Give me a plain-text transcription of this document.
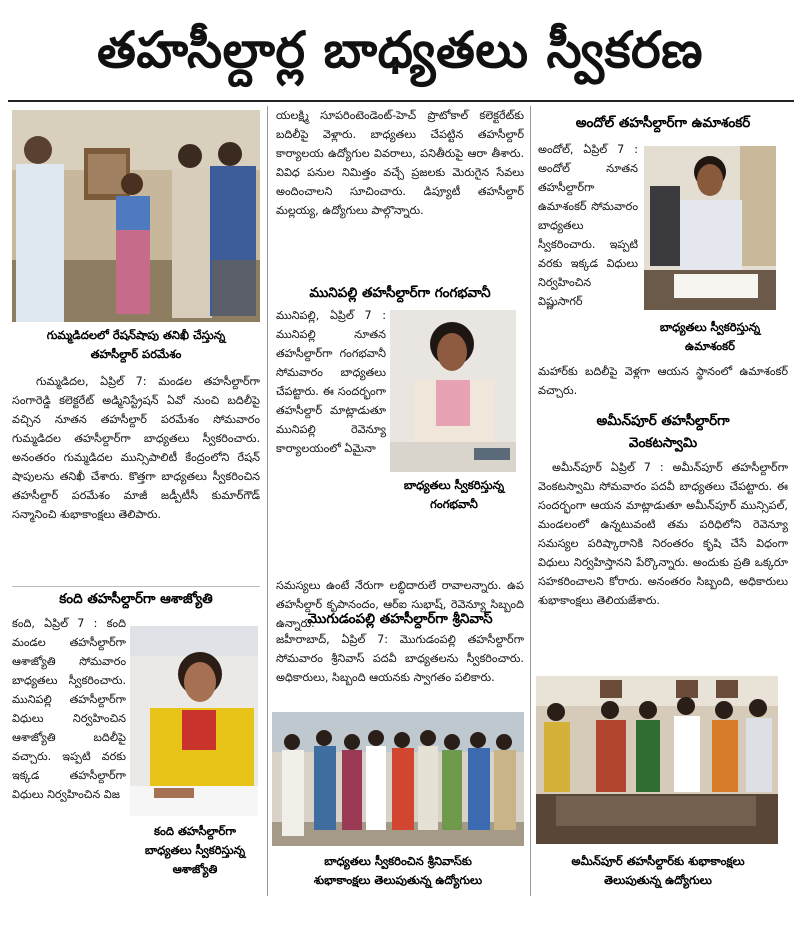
తహసీల్దార్ల బాధ్యతలు స్వీకరణ
గుమ్మడిదలలో రేషన్‌షాపు తనిఖీ చేస్తున్న
తహసీల్దార్ పరమేశం
గుమ్మడిదల, ఏప్రిల్ 7: మండల తహసీల్దార్‌గా సంగారెడ్డి కలెక్టరేట్ అడ్మినిస్ట్రేషన్ ఏవో నుంచి బదిలీపై వచ్చిన నూతన తహసీల్దార్ పరమేశం సోమవారం గుమ్మడిదల తహసీల్దార్‌గా బాధ్యతలు స్వీకరించారు. అనంతరం గుమ్మడిదల మున్సిపాలిటీ కేంద్రంలోని రేషన్ షాపులను తనిఖీ చేశారు. కొత్తగా బాధ్యతలు స్వీకరించిన తహసీల్దార్ పరమేశం మాజీ జడ్పీటీసీ కుమార్‌గౌడ్ సన్మానించి శుభాకాంక్షలు తెలిపారు.
కంది తహసీల్దార్‌గా ఆశాజ్యోతి
కంది, ఏప్రిల్ 7 : కంది మండల తహసీల్దార్‌గా ఆశాజ్యోతి సోమవారం బాధ్యతలు స్వీకరించారు. మునిపల్లి తహసీల్దార్‌గా విధులు నిర్వహించిన ఆశాజ్యోతి బదిలీపై వచ్చారు. ఇప్పటి వరకు ఇక్కడ తహసీల్దార్‌గా విధులు నిర్వహించిన విజ
కంది తహసీల్దార్‌గా
బాధ్యతలు స్వీకరిస్తున్న
ఆశాజ్యోతి
యలక్ష్మి సూపరింటెండెంట్-హెచ్ ప్రొటోకాల్ కలెక్టరేట్‌కు బదిలీపై వెళ్లారు. బాధ్యతలు చేపట్టిన తహసీల్దార్ కార్యాలయ ఉద్యోగుల వివరాలు, పనితీరుపై ఆరా తీశారు. వివిధ పనుల నిమిత్తం వచ్చే ప్రజలకు మెరుగైన సేవలు అందించాలని సూచించారు. డిప్యూటీ తహసీల్దార్ మల్లయ్య, ఉద్యోగులు పాల్గొన్నారు.
మునిపల్లి తహసీల్దార్‌గా గంగభవానీ
మునిపల్లి, ఏప్రిల్ 7 : మునిపల్లి నూతన తహసీల్దార్‌గా గంగభవానీ సోమవారం బాధ్యతలు చేపట్టారు. ఈ సందర్భంగా తహసీల్దార్ మాట్లాడుతూ మునిపల్లి రెవెన్యూ కార్యాలయంలో ఏమైనా
బాధ్యతలు స్వీకరిస్తున్న
గంగభవానీ
సమస్యలు ఉంటే నేరుగా లబ్ధిదారులే రావాలన్నారు. ఉప తహసీల్దార్ కృపానందం, ఆర్ఐ సుభాష్, రెవెన్యూ సిబ్బంది ఉన్నారు.
మొగుడంపల్లి తహసీల్దార్‌గా శ్రీనివాస్
జహీరాబాద్, ఏప్రిల్ 7: మొగుడంపల్లి తహసీల్దార్‌గా సోమవారం శ్రీనివాస్ పదవీ బాధ్యతలను స్వీకరించారు. అధికారులు, సిబ్బంది ఆయనకు స్వాగతం పలికారు.
బాధ్యతలు స్వీకరించిన శ్రీనివాస్‌కు
శుభాకాంక్షలు తెలుపుతున్న ఉద్యోగులు
అందోల్ తహసీల్దార్‌గా ఉమాశంకర్
అందోల్, ఏప్రిల్ 7 : అందోల్ నూతన తహసీల్దార్‌గా ఉమాశంకర్ సోమవారం బాధ్యతలు స్వీకరించారు. ఇప్పటి వరకు ఇక్కడ విధులు నిర్వహించిన విష్ణుసాగర్
బాధ్యతలు స్వీకరిస్తున్న
ఉమాశంకర్
మహార్‌కు బదిలీపై వెళ్లగా ఆయన స్థానంలో ఉమాశంకర్ వచ్చారు.
అమీన్‌పూర్ తహసీల్దార్‌గా
వెంకటస్వామి
అమీన్‌పూర్ ఏప్రిల్ 7 : అమీన్‌పూర్ తహసీల్దార్‌గా వెంకటస్వామి సోమవారం పదవీ బాధ్యతలు చేపట్టారు. ఈ సందర్భంగా ఆయన మాట్లాడుతూ అమీన్‌పూర్ మున్సిపల్, మండలంలో ఉన్నటువంటి తమ పరిధిలోని రెవెన్యూ సమస్యల పరిష్కారానికి నిరంతరం కృషి చేసే విధంగా విధులు నిర్వహిస్తానని పేర్కొన్నారు. అందుకు ప్రతి ఒక్కరూ సహకరించాలని కోరారు. అనంతరం సిబ్బంది, అధికారులు శుభాకాంక్షలు తెలియజేశారు.
అమీన్‌పూర్ తహసీల్దార్‌కు శుభాకాంక్షలు
తెలుపుతున్న ఉద్యోగులు
